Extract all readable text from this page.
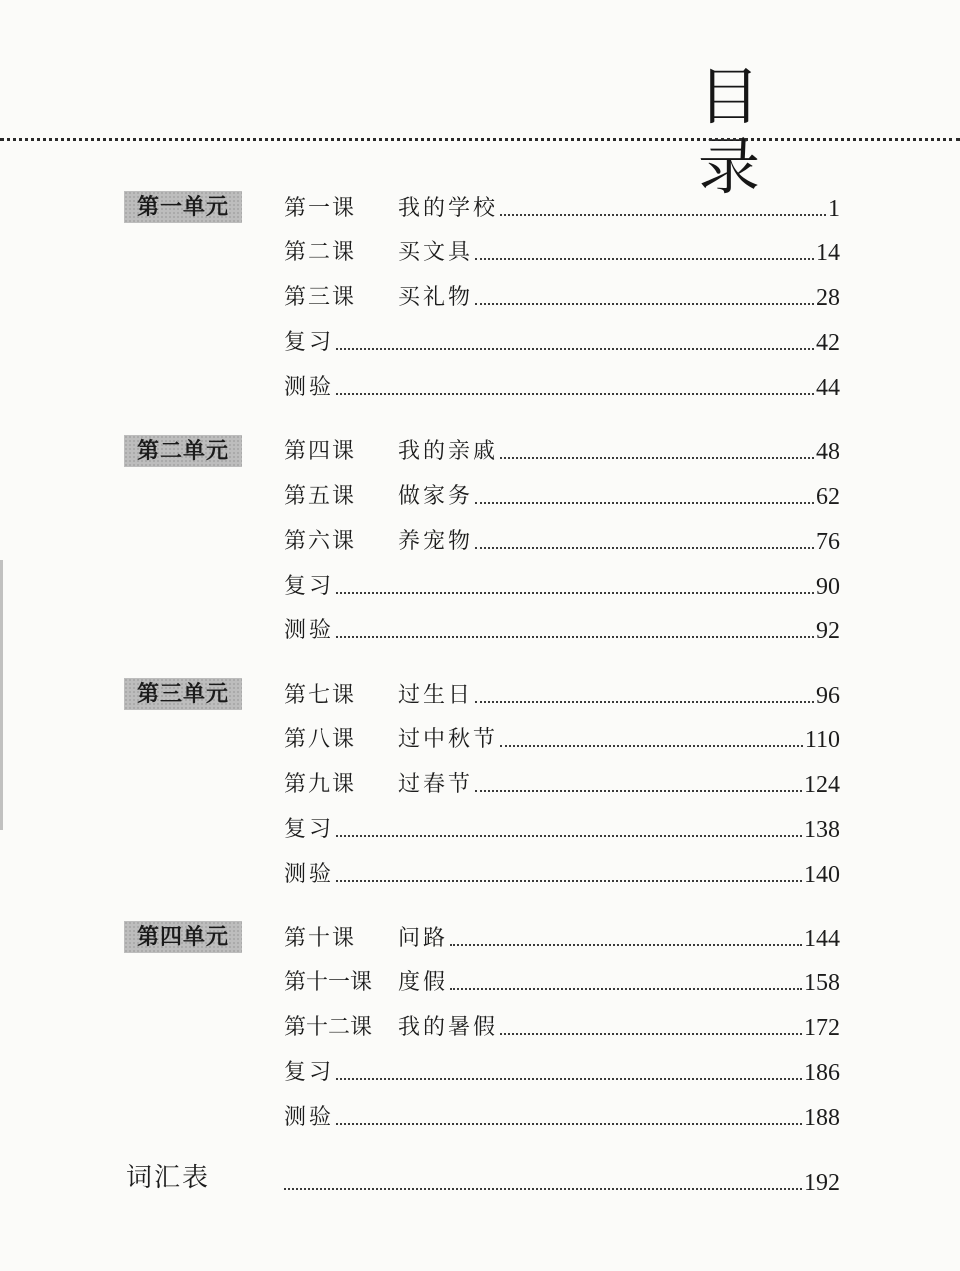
目 录
第一单元	第一课	我的学校	1
第二课	买文具	14
第三课	买礼物	28
复习	42
测验	44
第二单元	第四课	我的亲戚	48
第五课	做家务	62
第六课	养宠物	76
复习	90
测验	92
第三单元	第七课	过生日	96
第八课	过中秋节	110
第九课	过春节	124
复习	138
测验	140
第四单元	第十课	问路	144
第十一课	度假	158
第十二课	我的暑假	172
复习	186
测验	188
词汇表	192
